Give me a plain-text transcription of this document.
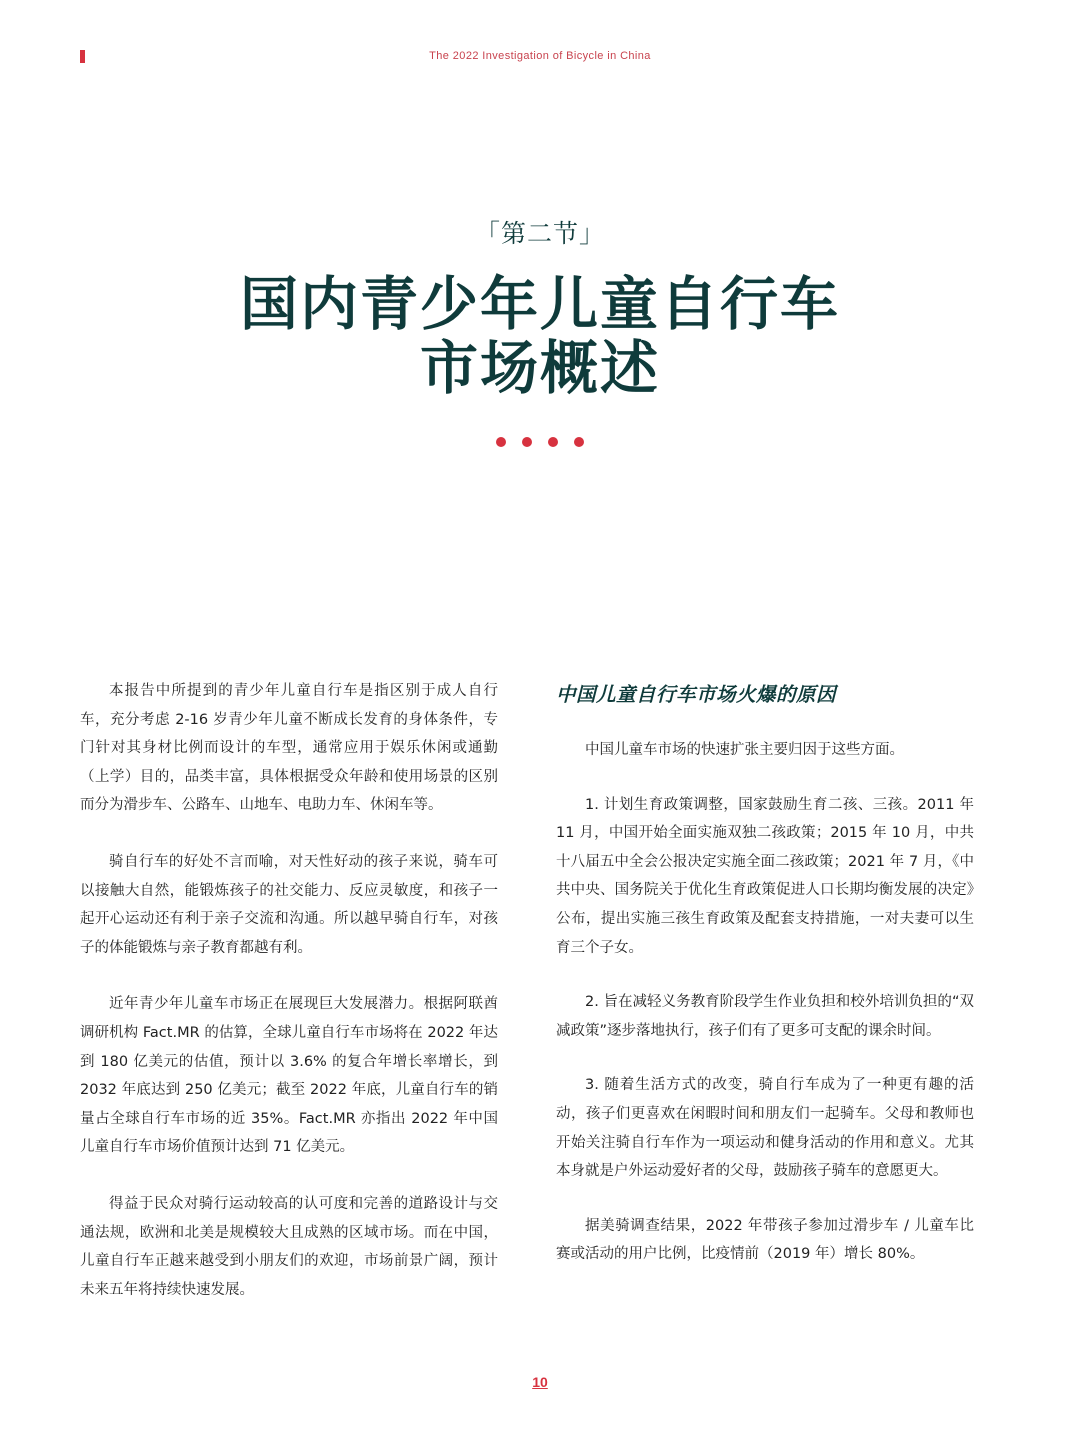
The 2022 Investigation of Bicycle in China
「第二节」
国内青少年儿童自行车
市场概述

本报告中所提到的青少年儿童自行车是指区别于成人自行车，充分考虑 2-16 岁青少年儿童不断成长发育的身体条件，专门针对其身材比例而设计的车型，通常应用于娱乐休闲或通勤（上学）目的，品类丰富，具体根据受众年龄和使用场景的区别而分为滑步车、公路车、山地车、电助力车、休闲车等。

骑自行车的好处不言而喻，对天性好动的孩子来说，骑车可以接触大自然，能锻炼孩子的社交能力、反应灵敏度，和孩子一起开心运动还有利于亲子交流和沟通。所以越早骑自行车，对孩子的体能锻炼与亲子教育都越有利。

近年青少年儿童车市场正在展现巨大发展潜力。根据阿联酋调研机构 Fact.MR 的估算，全球儿童自行车市场将在 2022 年达到 180 亿美元的估值，预计以 3.6% 的复合年增长率增长，到 2032 年底达到 250 亿美元；截至 2022 年底，儿童自行车的销量占全球自行车市场的近 35%。Fact.MR 亦指出 2022 年中国儿童自行车市场价值预计达到 71 亿美元。

得益于民众对骑行运动较高的认可度和完善的道路设计与交通法规，欧洲和北美是规模较大且成熟的区域市场。而在中国，儿童自行车正越来越受到小朋友们的欢迎，市场前景广阔，预计未来五年将持续快速发展。

中国儿童自行车市场火爆的原因

中国儿童车市场的快速扩张主要归因于这些方面。

1. 计划生育政策调整，国家鼓励生育二孩、三孩。2011 年 11 月，中国开始全面实施双独二孩政策；2015 年 10 月，中共十八届五中全会公报决定实施全面二孩政策；2021 年 7 月，《中共中央、国务院关于优化生育政策促进人口长期均衡发展的决定》公布，提出实施三孩生育政策及配套支持措施，一对夫妻可以生育三个子女。

2. 旨在减轻义务教育阶段学生作业负担和校外培训负担的“双减政策”逐步落地执行，孩子们有了更多可支配的课余时间。

3. 随着生活方式的改变，骑自行车成为了一种更有趣的活动，孩子们更喜欢在闲暇时间和朋友们一起骑车。父母和教师也开始关注骑自行车作为一项运动和健身活动的作用和意义。尤其本身就是户外运动爱好者的父母，鼓励孩子骑车的意愿更大。

据美骑调查结果，2022 年带孩子参加过滑步车 / 儿童车比赛或活动的用户比例，比疫情前（2019 年）增长 80%。

10
